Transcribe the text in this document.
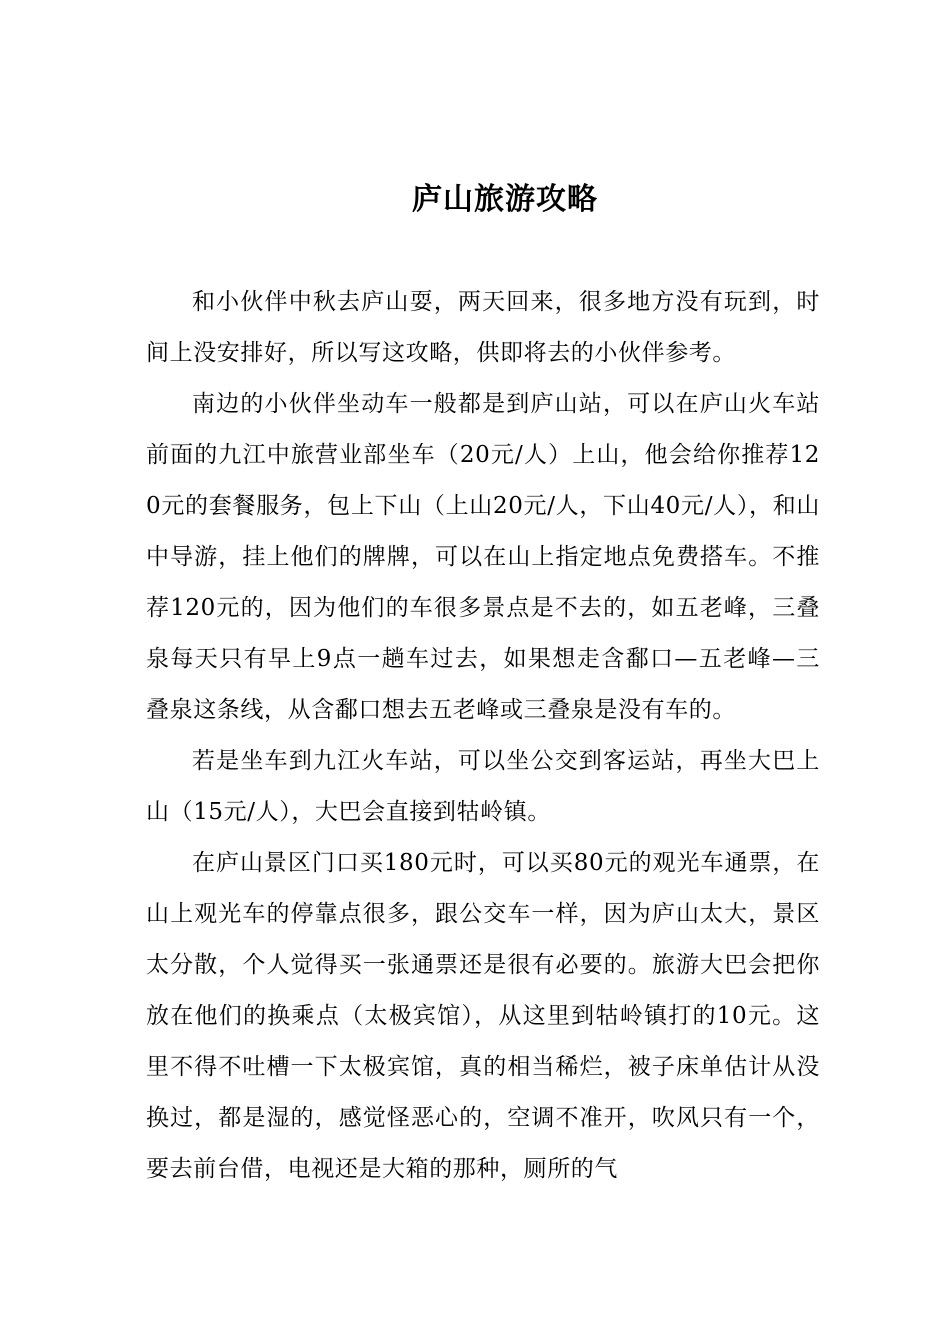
庐山旅游攻略

和小伙伴中秋去庐山耍，两天回来，很多地方没有玩到，时间上没安排好，所以写这攻略，供即将去的小伙伴参考。

南边的小伙伴坐动车一般都是到庐山站，可以在庐山火车站前面的九江中旅营业部坐车（20元/人）上山，他会给你推荐120元的套餐服务，包上下山（上山20元/人，下山40元/人），和山中导游，挂上他们的牌牌，可以在山上指定地点免费搭车。不推荐120元的，因为他们的车很多景点是不去的，如五老峰，三叠泉每天只有早上9点一趟车过去，如果想走含鄱口—五老峰—三叠泉这条线，从含鄱口想去五老峰或三叠泉是没有车的。

若是坐车到九江火车站，可以坐公交到客运站，再坐大巴上山（15元/人），大巴会直接到牯岭镇。

在庐山景区门口买180元时，可以买80元的观光车通票，在山上观光车的停靠点很多，跟公交车一样，因为庐山太大，景区太分散，个人觉得买一张通票还是很有必要的。旅游大巴会把你放在他们的换乘点（太极宾馆），从这里到牯岭镇打的10元。这里不得不吐槽一下太极宾馆，真的相当稀烂，被子床单估计从没换过，都是湿的，感觉怪恶心的，空调不准开，吹风只有一个，要去前台借，电视还是大箱的那种，厕所的气
